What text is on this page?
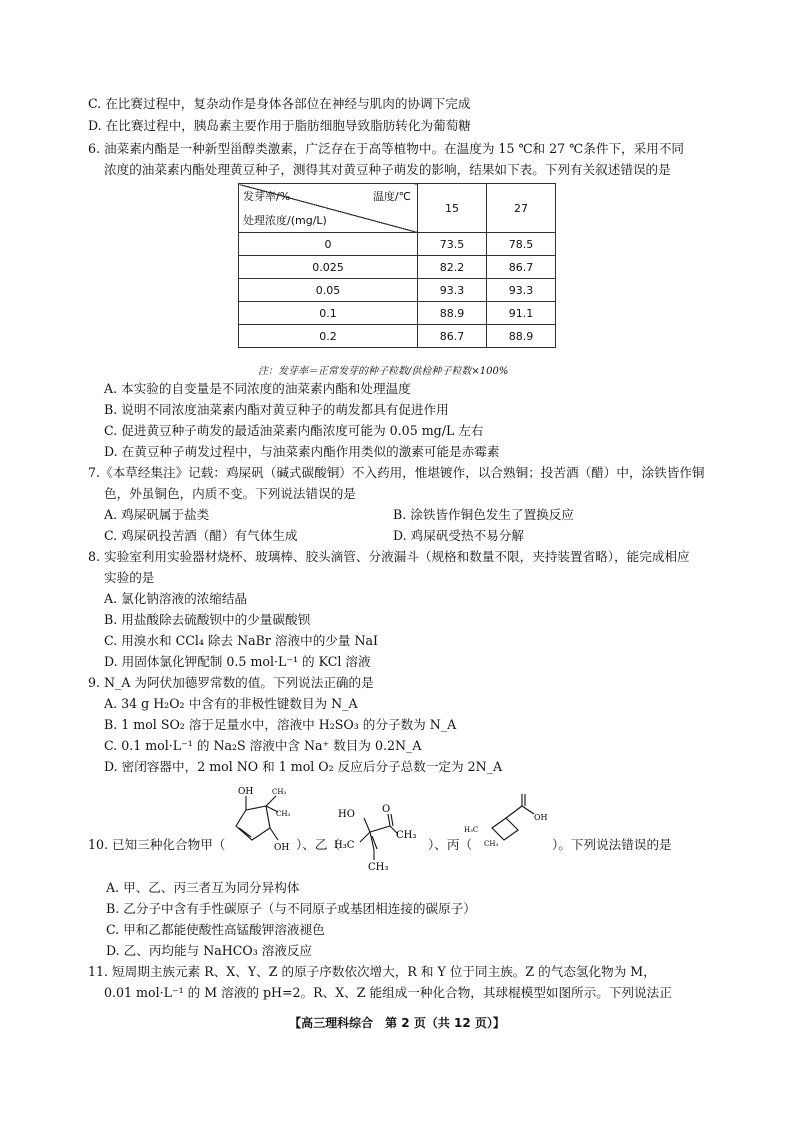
C. 在比赛过程中，复杂动作是身体各部位在神经与肌肉的协调下完成
D. 在比赛过程中，胰岛素主要作用于脂肪细胞导致脂肪转化为葡萄糖
6. 油菜素内酯是一种新型甾醇类激素，广泛存在于高等植物中。在温度为 15 ℃和 27 ℃条件下，采用不同
浓度的油菜素内酯处理黄豆种子，测得其对黄豆种子萌发的影响，结果如下表。下列有关叙述错误的是
发芽率/% 温度/℃
处理浓度/(mg/L)	15	27
0	73.5	78.5
0.025	82.2	86.7
0.05	93.3	93.3
0.1	88.9	91.1
0.2	86.7	88.9
注：发芽率＝正常发芽的种子粒数/供检种子粒数×100%
A. 本实验的自变量是不同浓度的油菜素内酯和处理温度
B. 说明不同浓度油菜素内酯对黄豆种子的萌发都具有促进作用
C. 促进黄豆种子萌发的最适油菜素内酯浓度可能为 0.05 mg/L 左右
D. 在黄豆种子萌发过程中，与油菜素内酯作用类似的激素可能是赤霉素
7.《本草经集注》记载：鸡屎矾（碱式碳酸铜）不入药用，惟堪镀作，以合熟铜；投苦酒（醋）中，涂铁皆作铜
色，外虽铜色，内质不变。下列说法错误的是
A. 鸡屎矾属于盐类	B. 涂铁皆作铜色发生了置换反应
C. 鸡屎矾投苦酒（醋）有气体生成	D. 鸡屎矾受热不易分解
8. 实验室利用实验器材烧杯、玻璃棒、胶头滴管、分液漏斗（规格和数量不限，夹持装置省略），能完成相应
实验的是
A. 氯化钠溶液的浓缩结晶
B. 用盐酸除去硫酸钡中的少量碳酸钡
C. 用溴水和 CCl₄ 除去 NaBr 溶液中的少量 NaI
D. 用固体氯化钾配制 0.5 mol·L⁻¹ 的 KCl 溶液
9. N_A 为阿伏加德罗常数的值。下列说法正确的是
A. 34 g H₂O₂ 中含有的非极性键数目为 N_A
B. 1 mol SO₂ 溶于足量水中，溶液中 H₂SO₃ 的分子数为 N_A
C. 0.1 mol·L⁻¹ 的 Na₂S 溶液中含 Na⁺ 数目为 0.2N_A
D. 密闭容器中，2 mol NO 和 1 mol O₂ 反应后分子总数一定为 2N_A
10. 已知三种化合物甲（
OH	CH₃
CH₃
OH ）、乙（
HO	O
H₃C
CH₃
CH₃
）、丙（
H₃C
CH₃
OH
）。下列说法错误的是
A. 甲、乙、丙三者互为同分异构体
B. 乙分子中含有手性碳原子（与不同原子或基团相连接的碳原子）
C. 甲和乙都能使酸性高锰酸钾溶液褪色
D. 乙、丙均能与 NaHCO₃ 溶液反应
11. 短周期主族元素 R、X、Y、Z 的原子序数依次增大，R 和 Y 位于同主族。Z 的气态氢化物为 M，
0.01 mol·L⁻¹ 的 M 溶液的 pH=2。R、X、Z 能组成一种化合物，其球棍模型如图所示。下列说法正
【高三理科综合　第 2 页（共 12 页）】
